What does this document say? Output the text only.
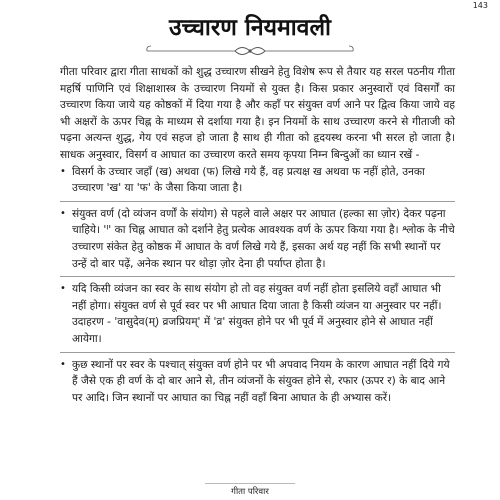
143
उच्चारण नियमावली

गीता परिवार द्वारा गीता साधकों को शुद्ध उच्चारण सीखने हेतु विशेष रूप से तैयार यह सरल पठनीय गीता महर्षि पाणिनि एवं शिक्षाशास्त्र के उच्चारण नियमों से युक्त है। किस प्रकार अनुस्वारों एवं विसर्गों का उच्चारण किया जाये यह कोष्ठकों में दिया गया है और कहाँ पर संयुक्त वर्ण आने पर द्वित्व किया जाये वह भी अक्षरों के ऊपर चिह्न के माध्यम से दर्शाया गया है। इन नियमों के साथ उच्चारण करने से गीताजी को पढ़ना अत्यन्त शुद्ध, गेय एवं सहज हो जाता है साथ ही गीता को हृदयस्थ करना भी सरल हो जाता है। साधक अनुस्वार, विसर्ग व आघात का उच्चारण करते समय कृपया निम्न बिन्दुओं का ध्यान रखें -

• विसर्ग के उच्चार जहाँ (ख) अथवा (फ) लिखे गये हैं, वह प्रत्यक्ष ख अथवा फ नहीं होते, उनका उच्चारण 'ख' या 'फ' के जैसा किया जाता है।
• संयुक्त वर्ण (दो व्यंजन वर्णों के संयोग) से पहले वाले अक्षर पर आघात (हल्का सा ज़ोर) देकर पढ़ना चाहिये। 'ᑊ' का चिह्न आघात को दर्शाने हेतु प्रत्येक आवश्यक वर्ण के ऊपर किया गया है। श्लोक के नीचे उच्चारण संकेत हेतु कोष्ठक में आघात के वर्ण लिखे गये हैं, इसका अर्थ यह नहीं कि सभी स्थानों पर उन्हें दो बार पढ़ें, अनेक स्थान पर थोड़ा ज़ोर देना ही पर्याप्त होता है।
• यदि किसी व्यंजन का स्वर के साथ संयोग हो तो वह संयुक्त वर्ण नहीं होता इसलिये वहाँ आघात भी नहीं होगा। संयुक्त वर्ण से पूर्व स्वर पर भी आघात दिया जाता है किसी व्यंजन या अनुस्वार पर नहीं। उदाहरण - 'वासुदेव(म्) व्रजप्रियम्' में 'व्र' संयुक्त होने पर भी पूर्व में अनुस्वार होने से आघात नहीं आयेगा।
• कुछ स्थानों पर स्वर के पश्चात् संयुक्त वर्ण होने पर भी अपवाद नियम के कारण आघात नहीं दिये गये हैं जैसे एक ही वर्ण के दो बार आने से, तीन व्यंजनों के संयुक्त होने से, रफार (ऊपर र) के बाद आने पर आदि। जिन स्थानों पर आघात का चिह्न नहीं वहाँ बिना आघात के ही अभ्यास करें।
गीता परिवार
